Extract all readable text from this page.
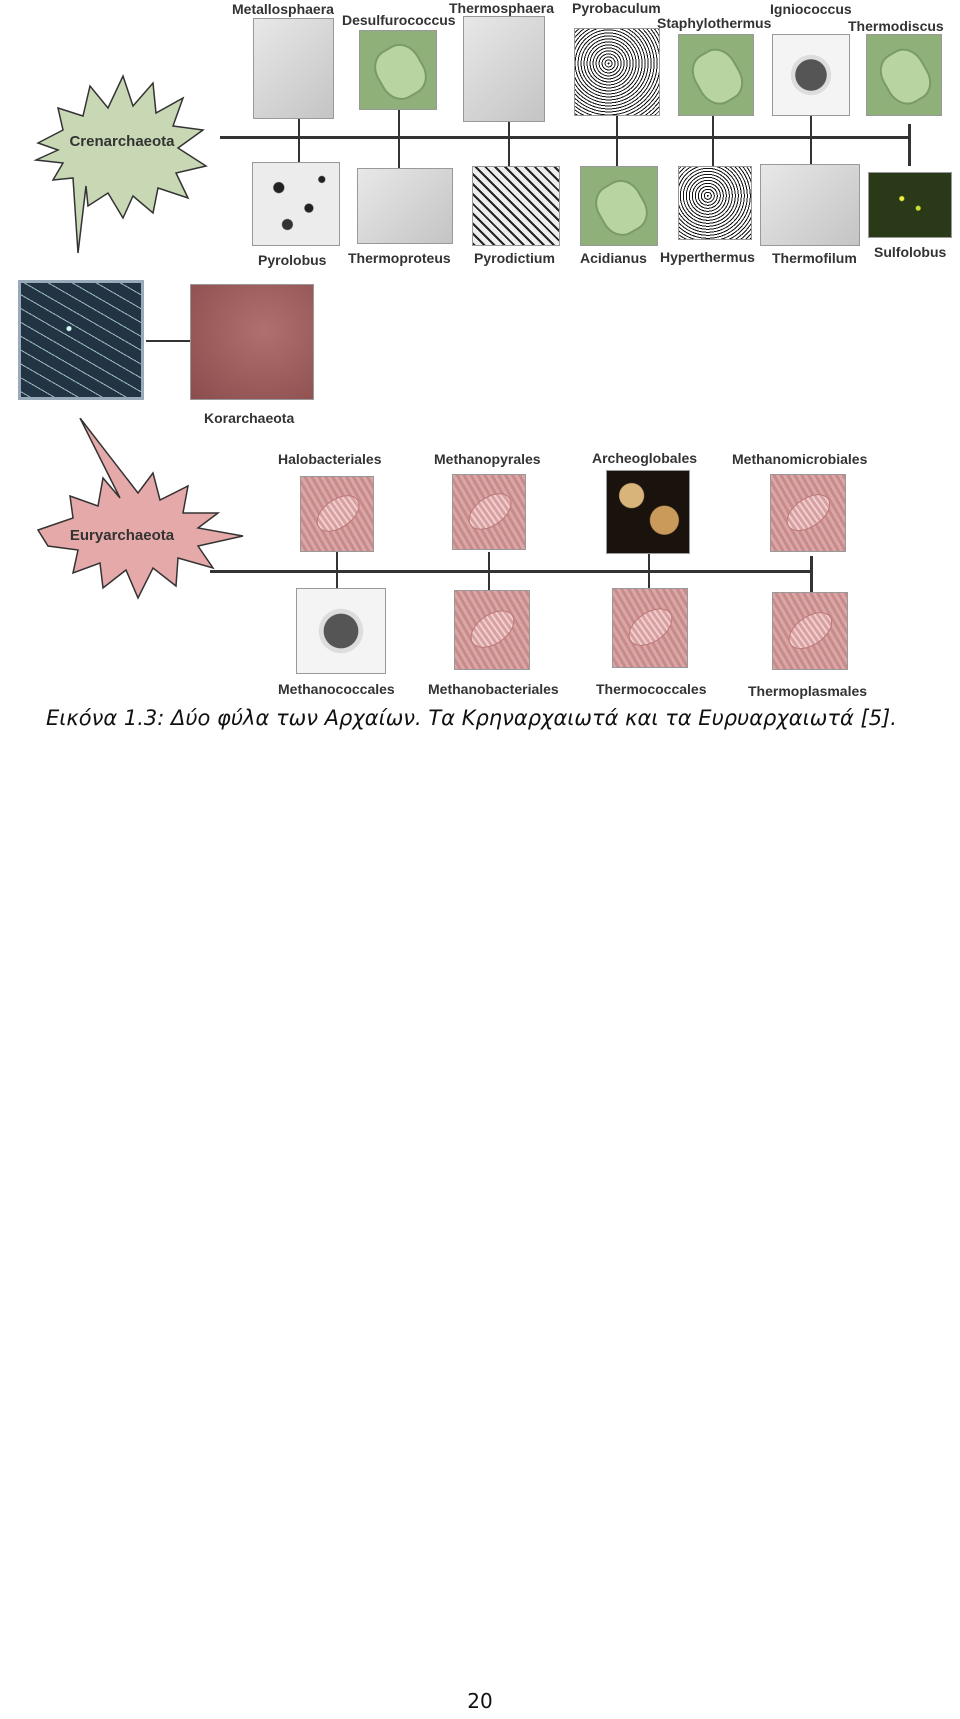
Crenarchaeota
Metallosphaera
Desulfurococcus
Thermosphaera Pyrobaculum
Staphylothermus
Igniococcus
Thermodiscus
Pyrolobus Thermoproteus Pyrodictium Acidianus Hyperthermus Thermofilum Sulfolobus
Korarchaeota
Euryarchaeota
Halobacteriales	Methanopyrales	Archeoglobales Methanomicrobiales
Methanococcales Methanobacteriales	Thermococcales	Thermoplasmales
Εικόνα 1.3: Δύο φύλα των Αρχαίων. Τα Κρηναρχαιωτά και τα Ευρυαρχαιωτά [5].
20
